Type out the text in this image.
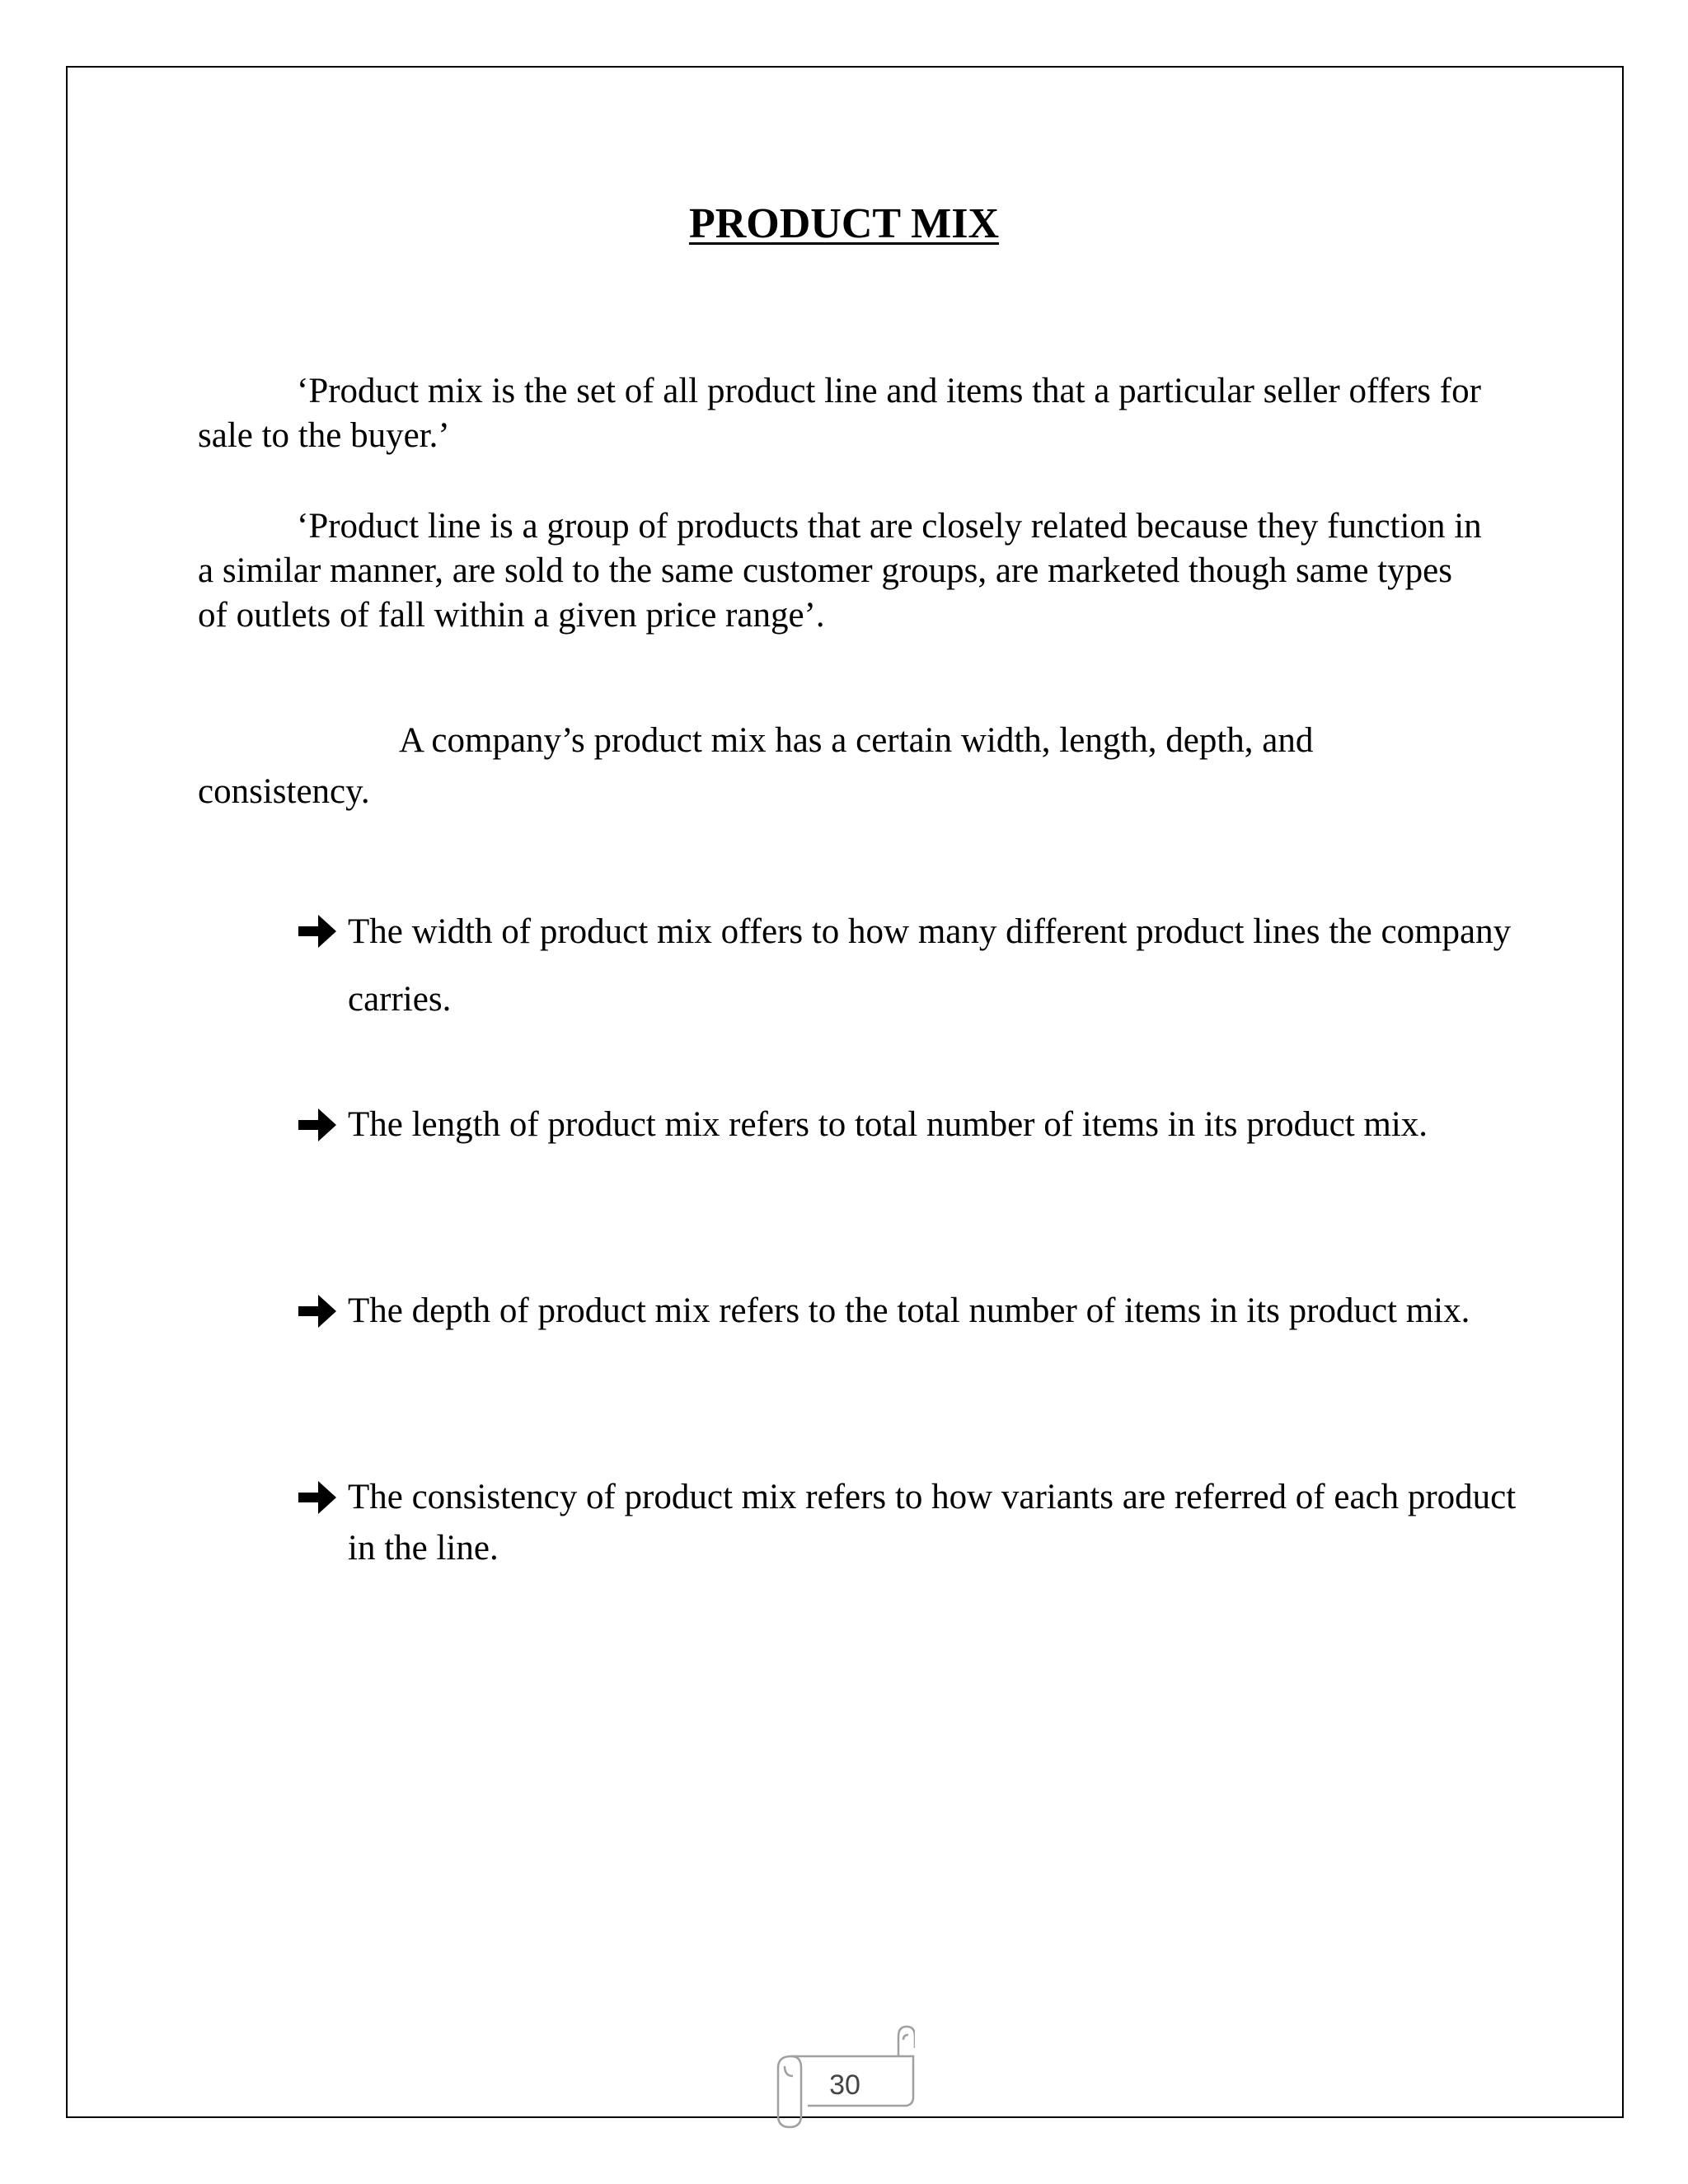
PRODUCT MIX

‘Product mix is the set of all product line and items that a particular seller offers for sale to the buyer.’

‘Product line is a group of products that are closely related because they function in a similar manner, are sold to the same customer groups, are marketed though same types of outlets of fall within a given price range’.

A company’s product mix has a certain width, length, depth, and consistency.

The width of product mix offers to how many different product lines the company carries.
The length of product mix refers to total number of items in its product mix.
The depth of product mix refers to the total number of items in its product mix.
The consistency of product mix refers to how variants are referred of each product in the line.
30
